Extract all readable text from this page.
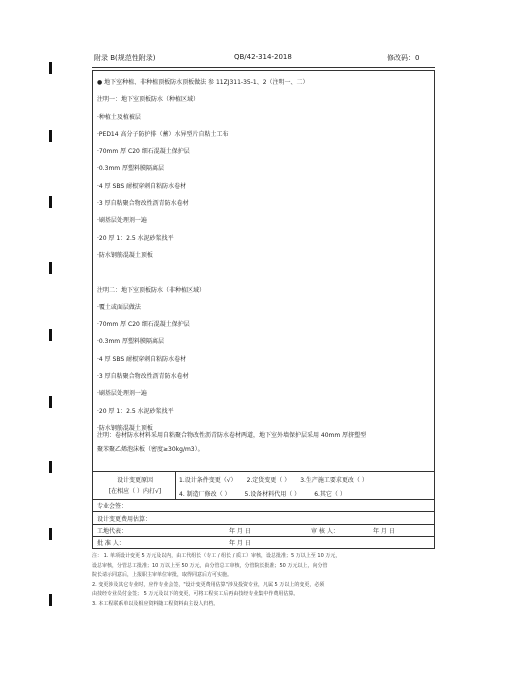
附录 B(规范性附录)	QB/42-314-2018	修改码：0
● 地下室种植、非种植顶板防水顶板做法 参 11ZJ311-35-1、2（注明一、二）
注明一：地下室顶板防水（种植区域）
·种植土及植被层
·PED14 高分子防护排（蓄）水异型片自粘土工布
·70mm 厚 C20 细石混凝土保护层
·0.3mm 厚塑料膜隔离层
·4 厚 SBS 耐根穿刺自粘防水卷材
·3 厚自粘聚合物改性沥青防水卷材
·刷基层处理剂一遍
·20 厚 1：2.5 水泥砂浆找平
·防水钢筋混凝土顶板
注明二：地下室顶板防水（非种植区域）
·覆土或面层做法
·70mm 厚 C20 细石混凝土保护层
·0.3mm 厚塑料膜隔离层
·4 厚 SBS 耐根穿刺自粘防水卷材
·3 厚自粘聚合物改性沥青防水卷材
·刷基层处理剂一遍
·20 厚 1：2.5 水泥砂浆找平
·防水钢筋混凝土顶板
注明：卷材防水材料采用自粘聚合物改性沥青防水卷材两道，地下室外墙保护层采用 40mm 厚挤塑型
聚苯聚乙烯泡沫板（密度≥30kg/m3）。
设计变更原因
[在相应（ ）内打√]
1.设计条件变更（√） 2.定货变更（ ） 3.生产施工要求更改（ ）
4. 制造厂修改（ ） 5.设备材料代用（ ） 6.其它（ ）
专业会签：
设计变更费用估算：
工地代表：	年 月 日	审 核 人：	年 月 日
批 准 人：	年 月 日
注： 1. 单项设计变更 5 万元及以内，由工代组长（专工 / 组长 / 质工）审核，设总批准；5 万以上至 10 万元，
设总审核，分管总工批准；10 万以上至 50 万元，由分管总工审核，分管院长批准；50 万元以上，向分管
院长请示同意后，上报职主审单位审批，取得同意后方可实施。
2. 变更涉及其它专业时，应作专业会签，"设计变更费用估算"涉及投资专业，凡属 5 万以上的变更，必须
由技经专业员付金签； 5 万元及以下的变更，可将工程实工后再由技经专业集中作费用估算。
3. 本工程联系单以及相应资料随工程资料由主设人归档。
